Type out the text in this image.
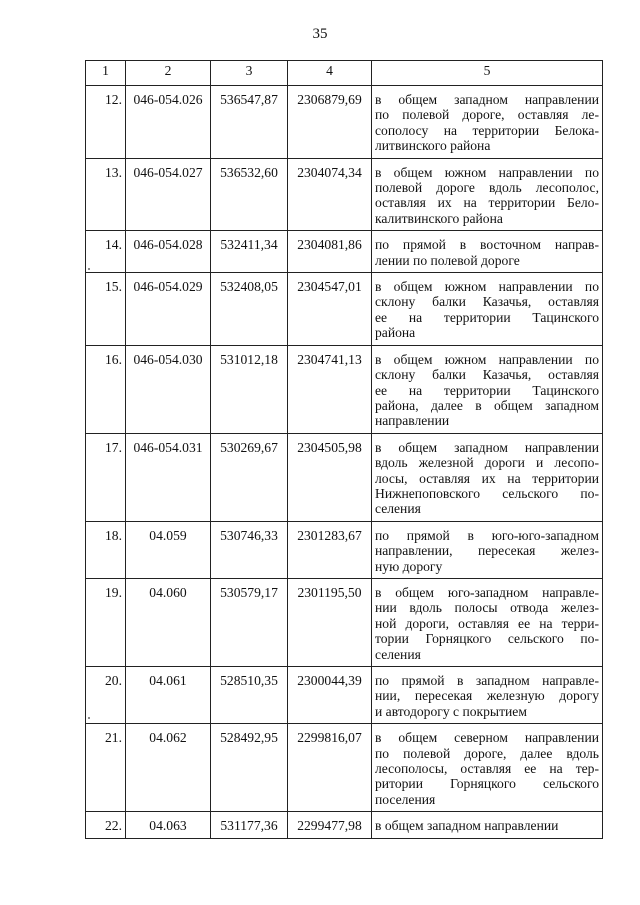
35
1	2	3	4	5
12.	046-054.026	536547,87	2306879,69	в общем западном направлении
по полевой дороге, оставляя ле-
сополосу на территории Белока-
литвинского района

13.	046-054.027	536532,60	2304074,34	в общем южном направлении по
полевой дороге вдоль лесополос,
оставляя их на территории Бело-
калитвинского района

14.	046-054.028	532411,34	2304081,86	по прямой в восточном направ-
лении по полевой дороге

15.	046-054.029	532408,05	2304547,01	в общем южном направлении по
склону балки Казачья, оставляя
ее на территории Тацинского
района

16.	046-054.030	531012,18	2304741,13	в общем южном направлении по
склону балки Казачья, оставляя
ее на территории Тацинского
района, далее в общем западном
направлении

17.	046-054.031	530269,67	2304505,98	в общем западном направлении
вдоль железной дороги и лесопо-
лосы, оставляя их на территории
Нижнепоповского сельского по-
селения

18.	04.059	530746,33	2301283,67	по прямой в юго-юго-западном
направлении, пересекая желез-
ную дорогу

19.	04.060	530579,17	2301195,50	в общем юго-западном направле-
нии вдоль полосы отвода желез-
ной дороги, оставляя ее на терри-
тории Горняцкого сельского по-
селения

20.	04.061	528510,35	2300044,39	по прямой в западном направле-
нии, пересекая железную дорогу
и автодорогу с покрытием

21.	04.062	528492,95	2299816,07	в общем северном направлении
по полевой дороге, далее вдоль
лесополосы, оставляя ее на тер-
ритории Горняцкого сельского
поселения

22.	04.063	531177,36	2299477,98	в общем западном направлении
